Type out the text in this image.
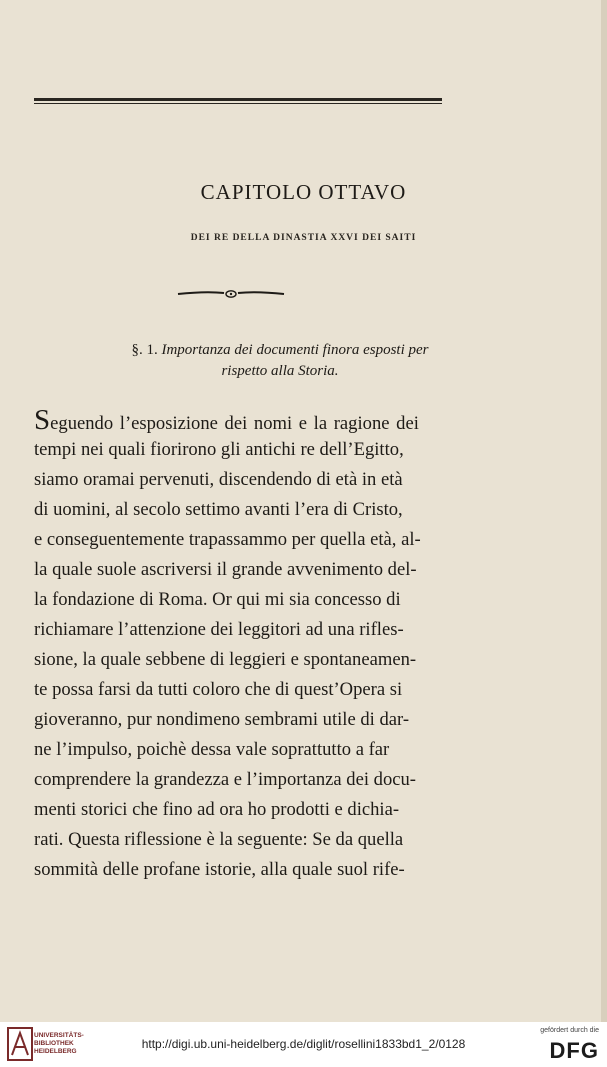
CAPITOLO OTTAVO
DEI RE DELLA DINASTIA XXVI DEI SAITI
§. 1. Importanza dei documenti finora esposti per
rispetto alla Storia.
Seguendo l’esposizione dei nomi e la ragione dei
tempi nei quali fiorirono gli antichi re dell’Egitto,
siamo oramai pervenuti, discendendo di età in età
di uomini, al secolo settimo avanti l’era di Cristo,
e conseguentemente trapassammo per quella età, al-
la quale suole ascriversi il grande avvenimento del-
la fondazione di Roma. Or qui mi sia concesso di
richiamare l’attenzione dei leggitori ad una rifles-
sione, la quale sebbene di leggieri e spontaneamen-
te possa farsi da tutti coloro che di quest’Opera si
gioveranno, pur nondimeno sembrami utile di dar-
ne l’impulso, poichè dessa vale soprattutto a far
comprendere la grandezza e l’importanza dei docu-
menti storici che fino ad ora ho prodotti e dichia-
rati. Questa riflessione è la seguente: Se da quella
sommità delle profane istorie, alla quale suol rife-
UNIVERSITÄTS-
BIBLIOTHEK
HEIDELBERG
http://digi.ub.uni-heidelberg.de/diglit/rosellini1833bd1_2/0128
gefördert durch die
DFG
